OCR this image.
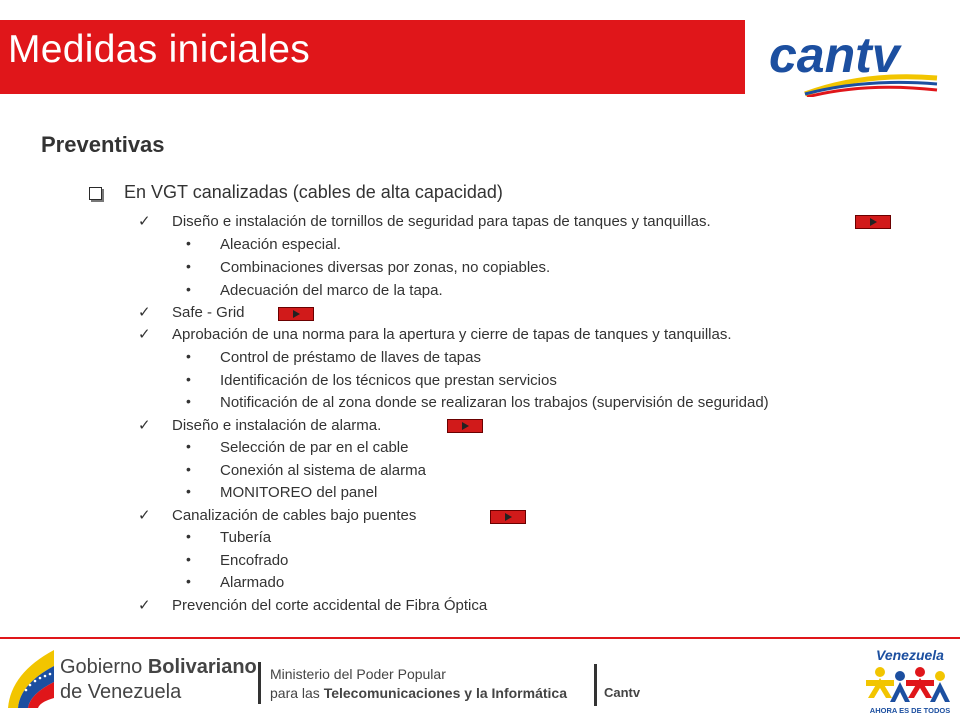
Medidas iniciales	cantv
Preventivas
En VGT canalizadas (cables de alta capacidad)
✓ Diseño e instalación de tornillos de seguridad para tapas de tanques y tanquillas.
• Aleación especial.
• Combinaciones diversas por zonas, no copiables.
• Adecuación del marco de la tapa.
✓ Safe - Grid
✓ Aprobación de una norma para la apertura y cierre de tapas de tanques y tanquillas.
• Control de préstamo de llaves de tapas
• Identificación de los técnicos que prestan servicios
• Notificación de al zona donde se realizaran los trabajos (supervisión de seguridad)
✓ Diseño e instalación de alarma.
• Selección de par en el cable
• Conexión al sistema de alarma
• MONITOREO del panel
✓ Canalización de cables bajo puentes
• Tubería
• Encofrado
• Alarmado
✓ Prevención del corte accidental de Fibra Óptica
Gobierno Bolivariano
de Venezuela
Ministerio del Poder Popular
para las Telecomunicaciones y la Informática	Cantv
Venezuela
AHORA ES DE TODOS
